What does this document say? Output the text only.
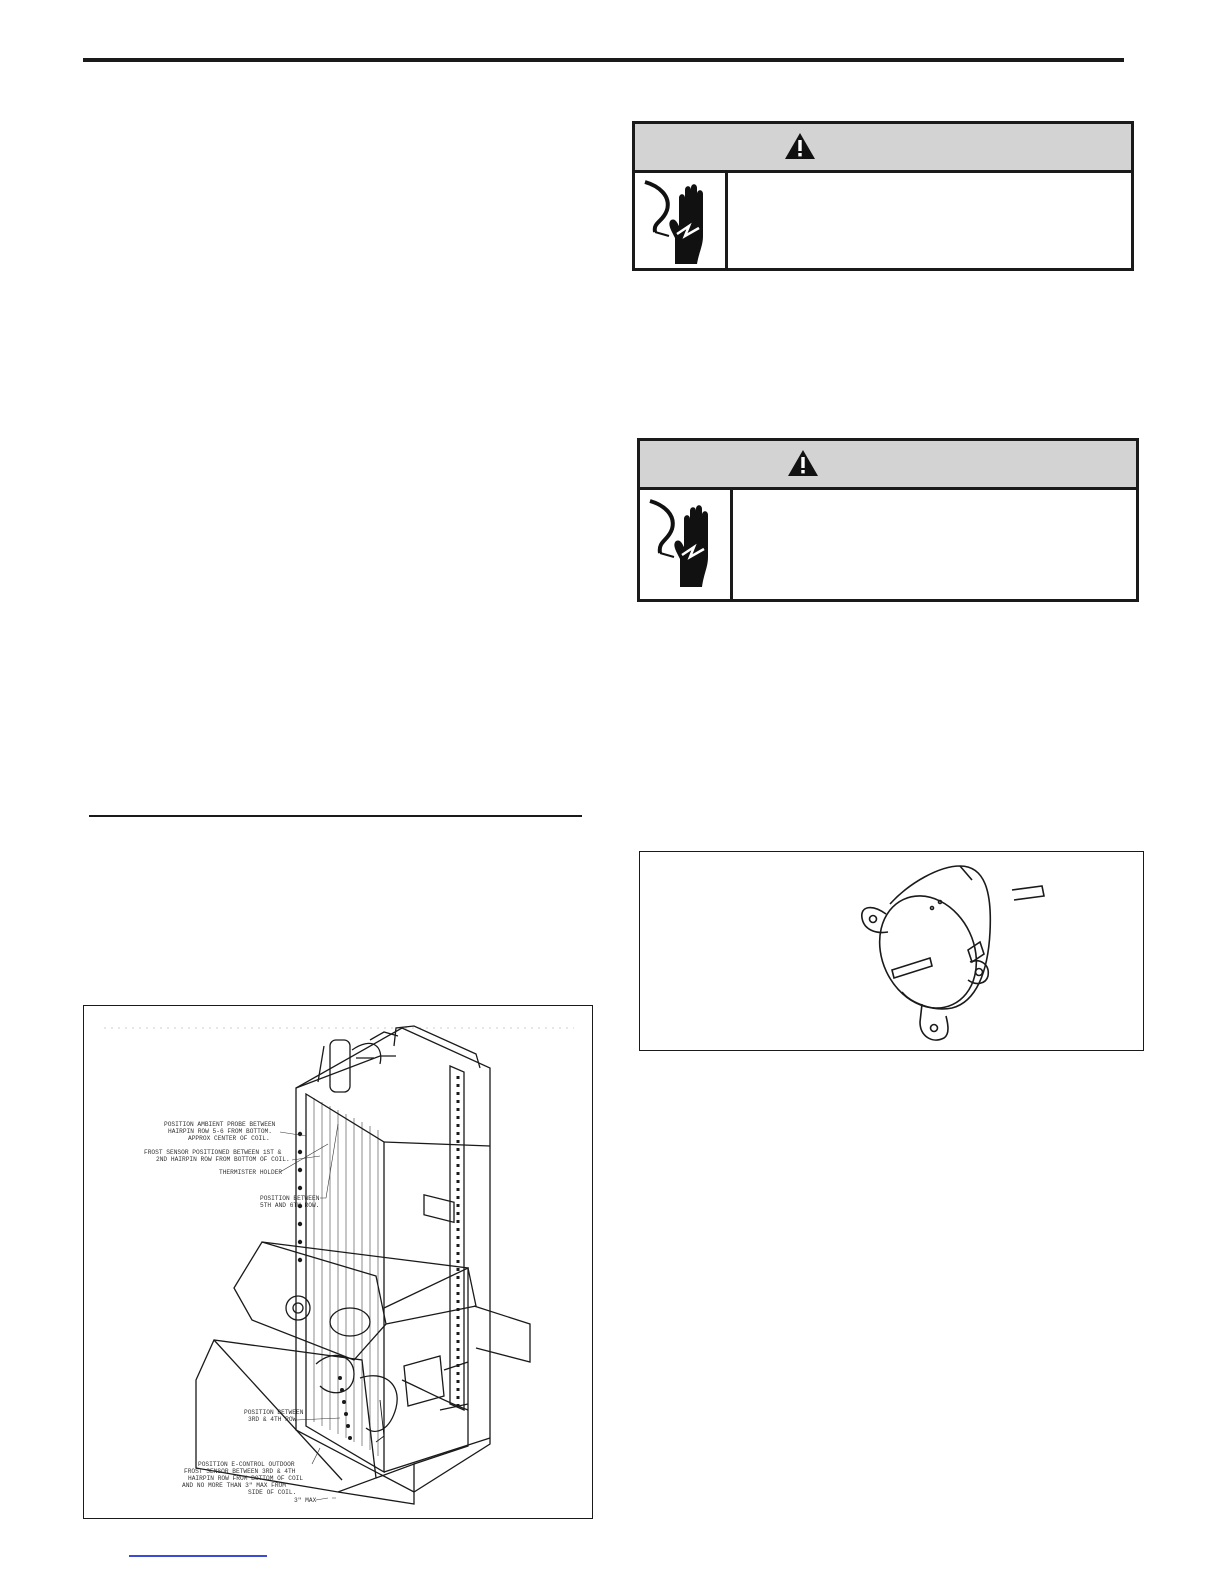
POSITION AMBIENT PROBE BETWEEN HAIRPIN ROW 5-6 FROM BOTTOM. APPROX CENTER OF COIL.
FROST SENSOR POSITIONED BETWEEN 1ST & 2ND HAIRPIN ROW FROM BOTTOM OF COIL.
THERMISTER HOLDER
POSITION BETWEEN 5TH AND 6TH ROW.
POSITION BETWEEN 3RD & 4TH ROW
POSITION E-CONTROL OUTDOOR FROST SENSOR BETWEEN 3RD & 4TH HAIRPIN ROW FROM BOTTOM OF COIL AND NO MORE THAN 3" MAX FROM SIDE OF COIL.
3" MAX
